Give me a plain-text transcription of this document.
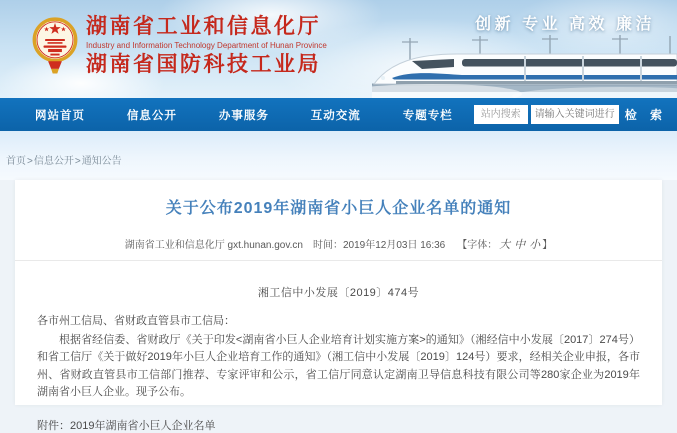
湖南省工业和信息化厅
Industry and Information Technology Department of Hunan Province
湖南省国防科技工业局
创新 专业 高效 廉洁
网站首页	信息公开	办事服务	互动交流	专题专栏	站内搜索
请输入关键词进行检索	检 索
首页>信息公开>通知公告
关于公布2019年湖南省小巨人企业名单的通知
湖南省工业和信息化厅 gxt.hunan.gov.cn 时间：2019年12月03日 16:36 【字体： 大 中 小 】
湘工信中小发展〔2019〕474号
各市州工信局、省财政直管县市工信局：
根据省经信委、省财政厅《关于印发<湖南省小巨人企业培育计划实施方案>的通知》（湘经信中小发展〔2017〕274号）和省工信厅《关于做好2019年小巨人企业培育工作的通知》（湘工信中小发展〔2019〕124号）要求，经相关企业申报，各市州、省财政直管县市工信部门推荐、专家评审和公示，省工信厅同意认定湖南卫导信息科技有限公司等280家企业为2019年湖南省小巨人企业。现予公布。
附件：2019年湖南省小巨人企业名单
